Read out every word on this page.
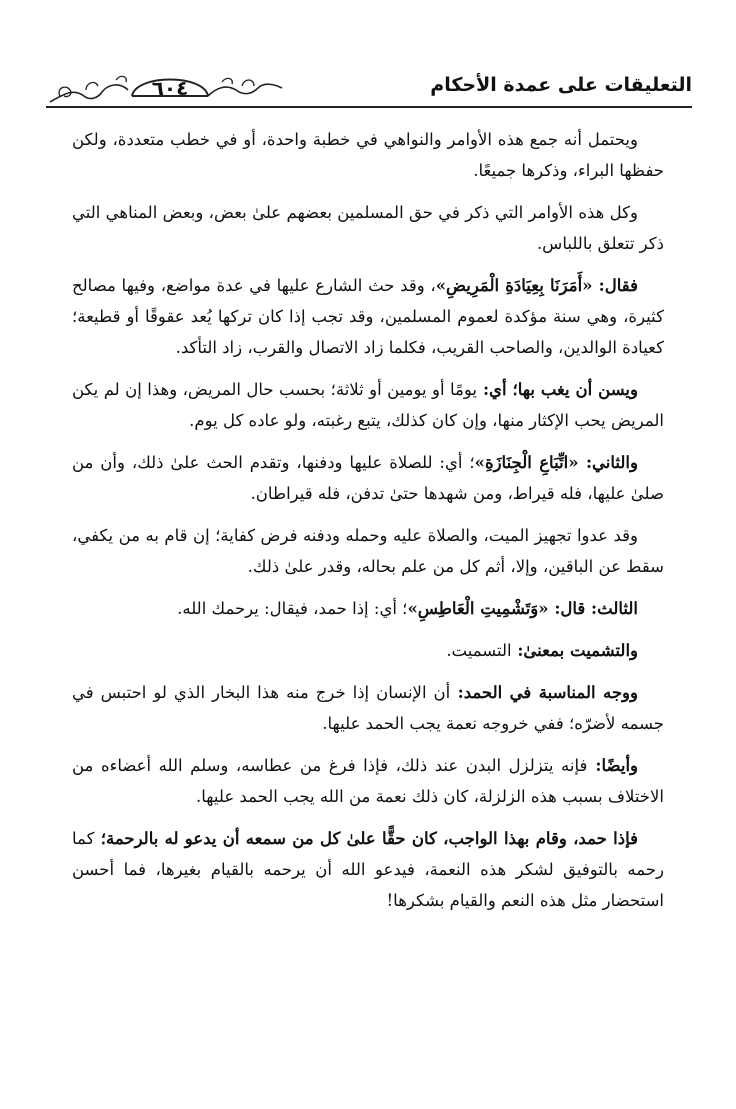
التعليقات على عمدة الأحكام
٦٠٤

ويحتمل أنه جمع هذه الأوامر والنواهي في خطبة واحدة، أو في خطب متعددة، ولكن حفظها البراء، وذكرها جميعًا.

وكل هذه الأوامر التي ذكر في حق المسلمين بعضهم علىٰ بعض، وبعض المناهي التي ذكر تتعلق باللباس.

فقال: «أَمَرَنَا بِعِيَادَةِ الْمَرِيضِ»، وقد حث الشارع عليها في عدة مواضع، وفيها مصالح كثيرة، وهي سنة مؤكدة لعموم المسلمين، وقد تجب إذا كان تركها يُعد عقوقًا أو قطيعة؛ كعيادة الوالدين، والصاحب القريب، فكلما زاد الاتصال والقرب، زاد التأكد.

ويسن أن يغب بها؛ أي: يومًا أو يومين أو ثلاثة؛ بحسب حال المريض، وهذا إن لم يكن المريض يحب الإكثار منها، وإن كان كذلك، يتبع رغبته، ولو عاده كل يوم.

والثاني: «اتِّبَاعِ الْجِنَازَةِ»؛ أي: للصلاة عليها ودفنها، وتقدم الحث علىٰ ذلك، وأن من صلىٰ عليها، فله قيراط، ومن شهدها حتىٰ تدفن، فله قيراطان.

وقد عدوا تجهيز الميت، والصلاة عليه وحمله ودفنه فرض كفاية؛ إن قام به من يكفي، سقط عن الباقين، وإلا، أثم كل من علم بحاله، وقدر علىٰ ذلك.

الثالث: قال: «وَتَشْمِيتِ الْعَاطِسِ»؛ أي: إذا حمد، فيقال: يرحمك الله.

والتشميت بمعنىٰ: التسميت.

ووجه المناسبة في الحمد: أن الإنسان إذا خرج منه هذا البخار الذي لو احتبس في جسمه لأضرّه؛ ففي خروجه نعمة يجب الحمد عليها.

وأيضًا: فإنه يتزلزل البدن عند ذلك، فإذا فرغ من عطاسه، وسلم الله أعضاءه من الاختلاف بسبب هذه الزلزلة، كان ذلك نعمة من الله يجب الحمد عليها.

فإذا حمد، وقام بهذا الواجب، كان حقًّا علىٰ كل من سمعه أن يدعو له بالرحمة؛ كما رحمه بالتوفيق لشكر هذه النعمة، فيدعو الله أن يرحمه بالقيام بغيرها، فما أحسن استحضار مثل هذه النعم والقيام بشكرها!
